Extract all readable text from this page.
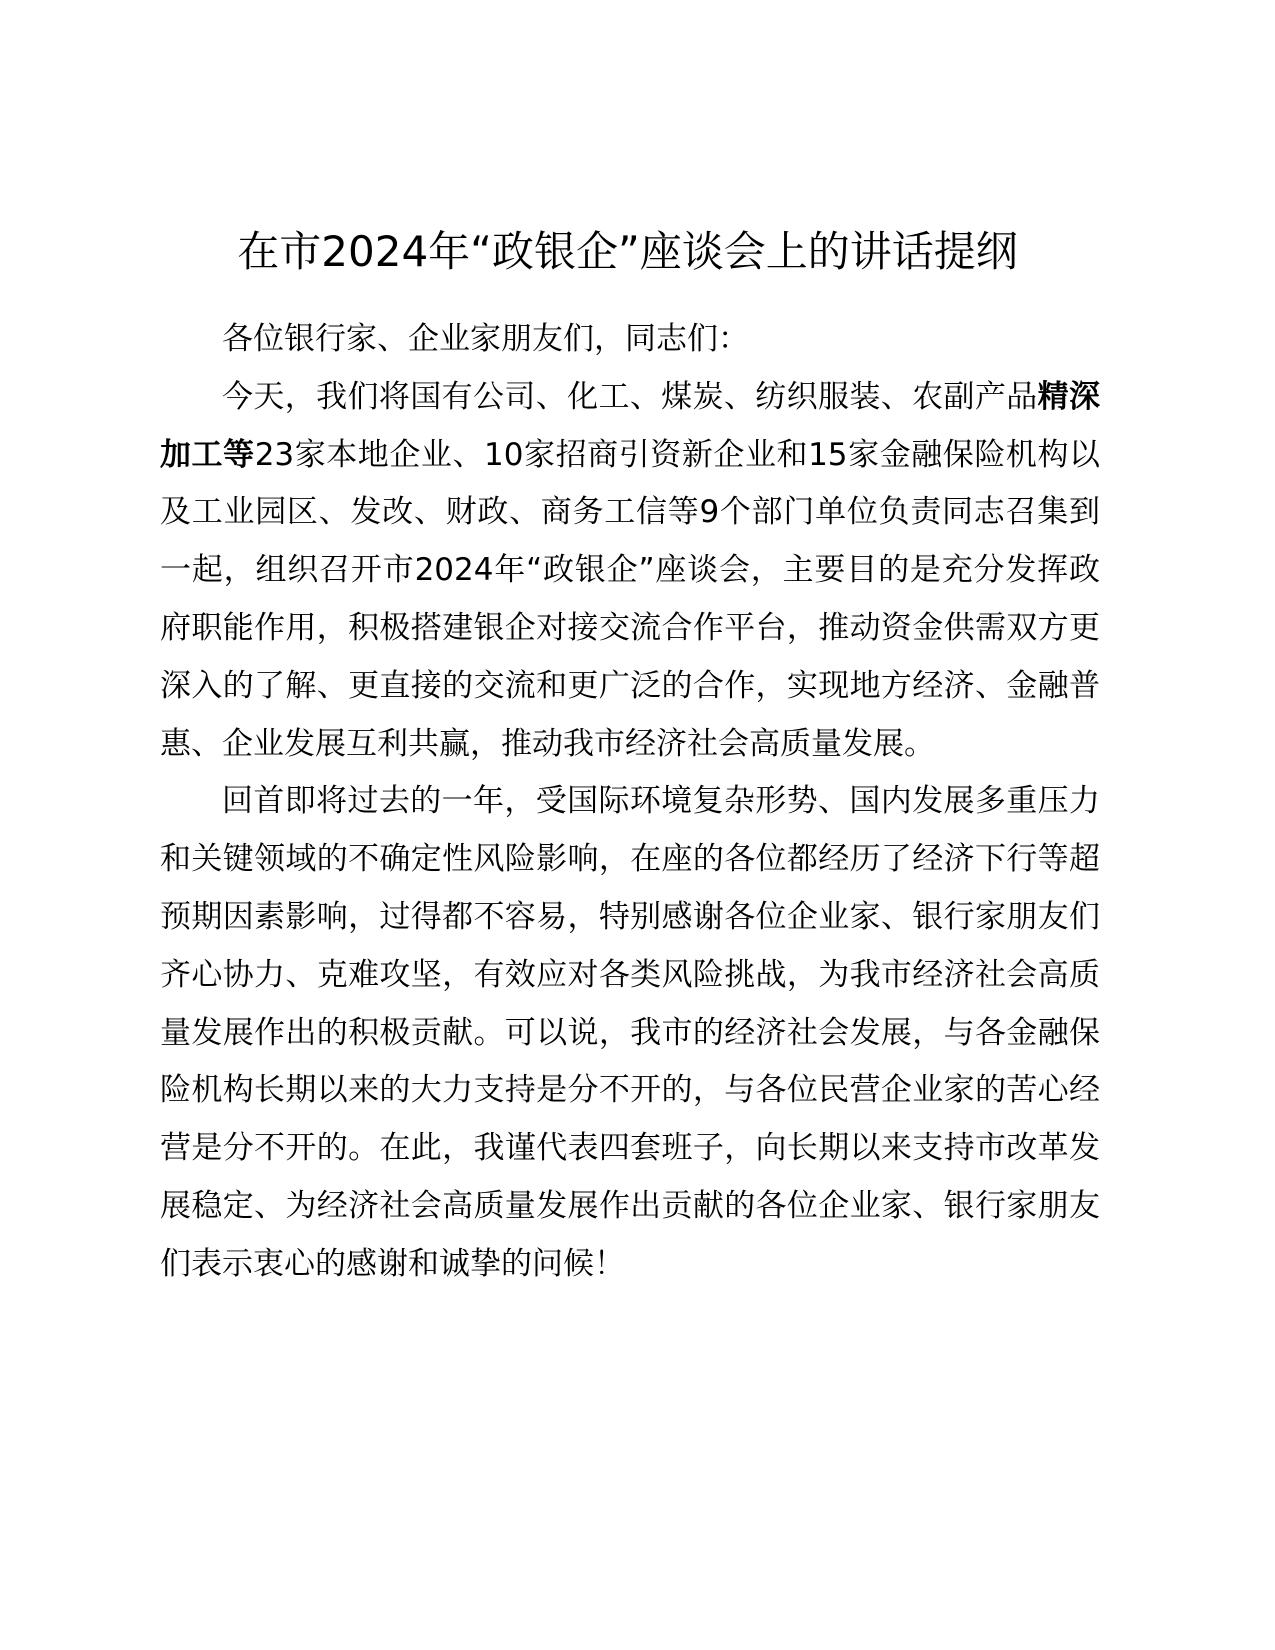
在市2024年“政银企”座谈会上的讲话提纲

各位银行家、企业家朋友们，同志们：

今天，我们将国有公司、化工、煤炭、纺织服装、农副产品精深加工等23家本地企业、10家招商引资新企业和15家金融保险机构以及工业园区、发改、财政、商务工信等9个部门单位负责同志召集到一起，组织召开市2024年“政银企”座谈会，主要目的是充分发挥政府职能作用，积极搭建银企对接交流合作平台，推动资金供需双方更深入的了解、更直接的交流和更广泛的合作，实现地方经济、金融普惠、企业发展互利共赢，推动我市经济社会高质量发展。

回首即将过去的一年，受国际环境复杂形势、国内发展多重压力和关键领域的不确定性风险影响，在座的各位都经历了经济下行等超预期因素影响，过得都不容易，特别感谢各位企业家、银行家朋友们齐心协力、克难攻坚，有效应对各类风险挑战，为我市经济社会高质量发展作出的积极贡献。可以说，我市的经济社会发展，与各金融保险机构长期以来的大力支持是分不开的，与各位民营企业家的苦心经营是分不开的。在此，我谨代表四套班子，向长期以来支持市改革发展稳定、为经济社会高质量发展作出贡献的各位企业家、银行家朋友们表示衷心的感谢和诚挚的问候！
